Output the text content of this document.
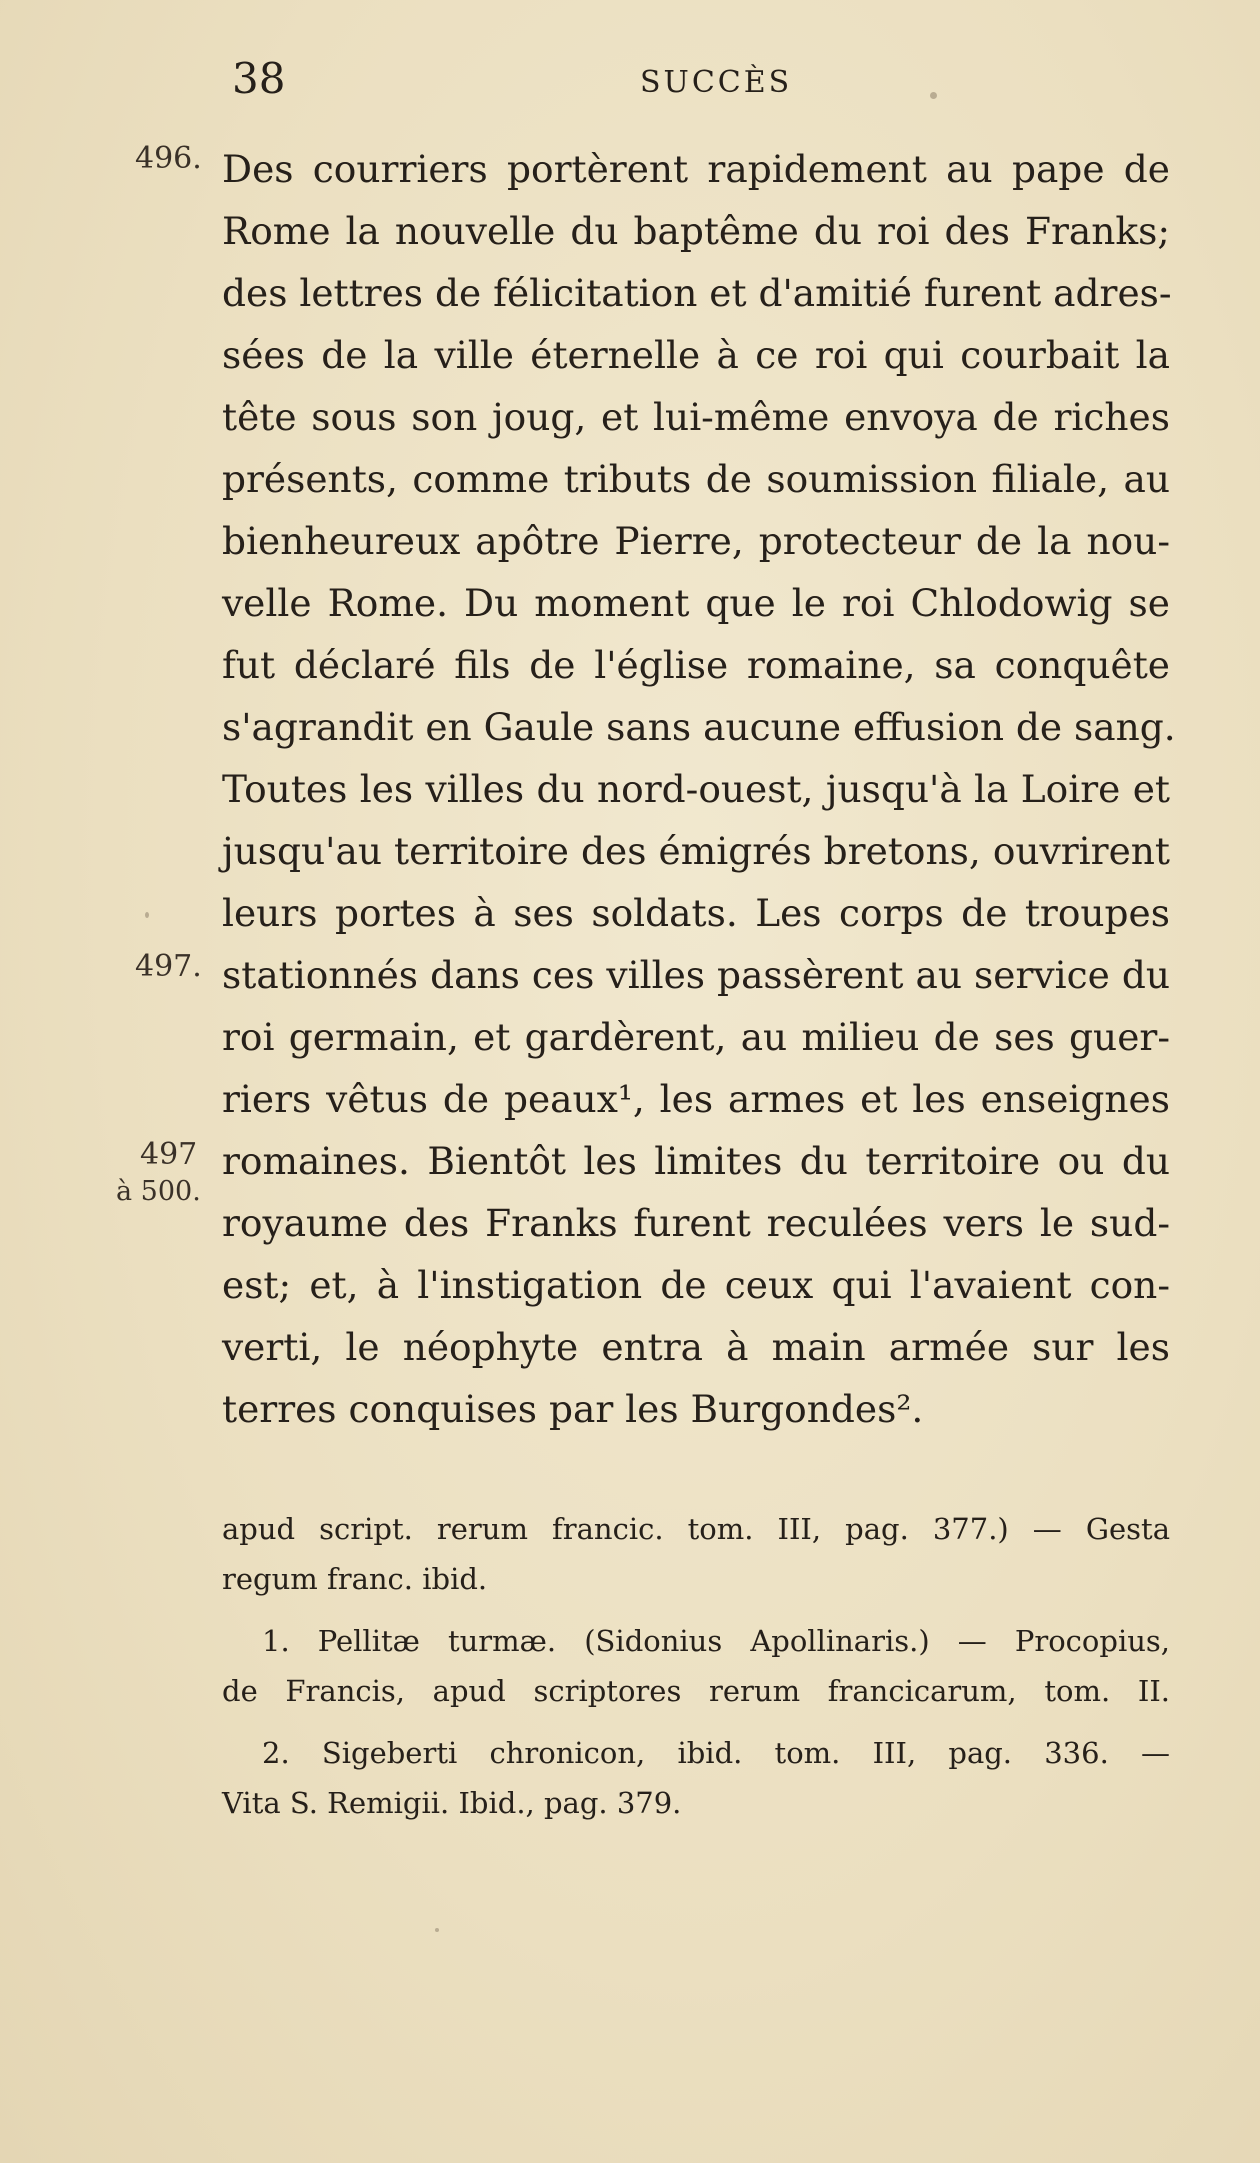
38	SUCCÈS
496.
497.
497
à 500.
Des courriers portèrent rapidement au pape de
Rome la nouvelle du baptême du roi des Franks;
des lettres de félicitation et d'amitié furent adres-
sées de la ville éternelle à ce roi qui courbait la
tête sous son joug, et lui-même envoya de riches
présents, comme tributs de soumission filiale, au
bienheureux apôtre Pierre, protecteur de la nou-
velle Rome. Du moment que le roi Chlodowig se
fut déclaré fils de l'église romaine, sa conquête
s'agrandit en Gaule sans aucune effusion de sang.
Toutes les villes du nord-ouest, jusqu'à la Loire et
jusqu'au territoire des émigrés bretons, ouvrirent
leurs portes à ses soldats. Les corps de troupes
stationnés dans ces villes passèrent au service du
roi germain, et gardèrent, au milieu de ses guer-
riers vêtus de peaux¹, les armes et les enseignes
romaines. Bientôt les limites du territoire ou du
royaume des Franks furent reculées vers le sud-
est; et, à l'instigation de ceux qui l'avaient con-
verti, le néophyte entra à main armée sur les
terres conquises par les Burgondes².
apud script. rerum francic. tom. III, pag. 377.) — Gesta
regum franc. ibid.
1. Pellitæ turmæ. (Sidonius Apollinaris.) — Procopius,
de Francis, apud scriptores rerum francicarum, tom. II.
2. Sigeberti chronicon, ibid. tom. III, pag. 336. —
Vita S. Remigii. Ibid., pag. 379.
